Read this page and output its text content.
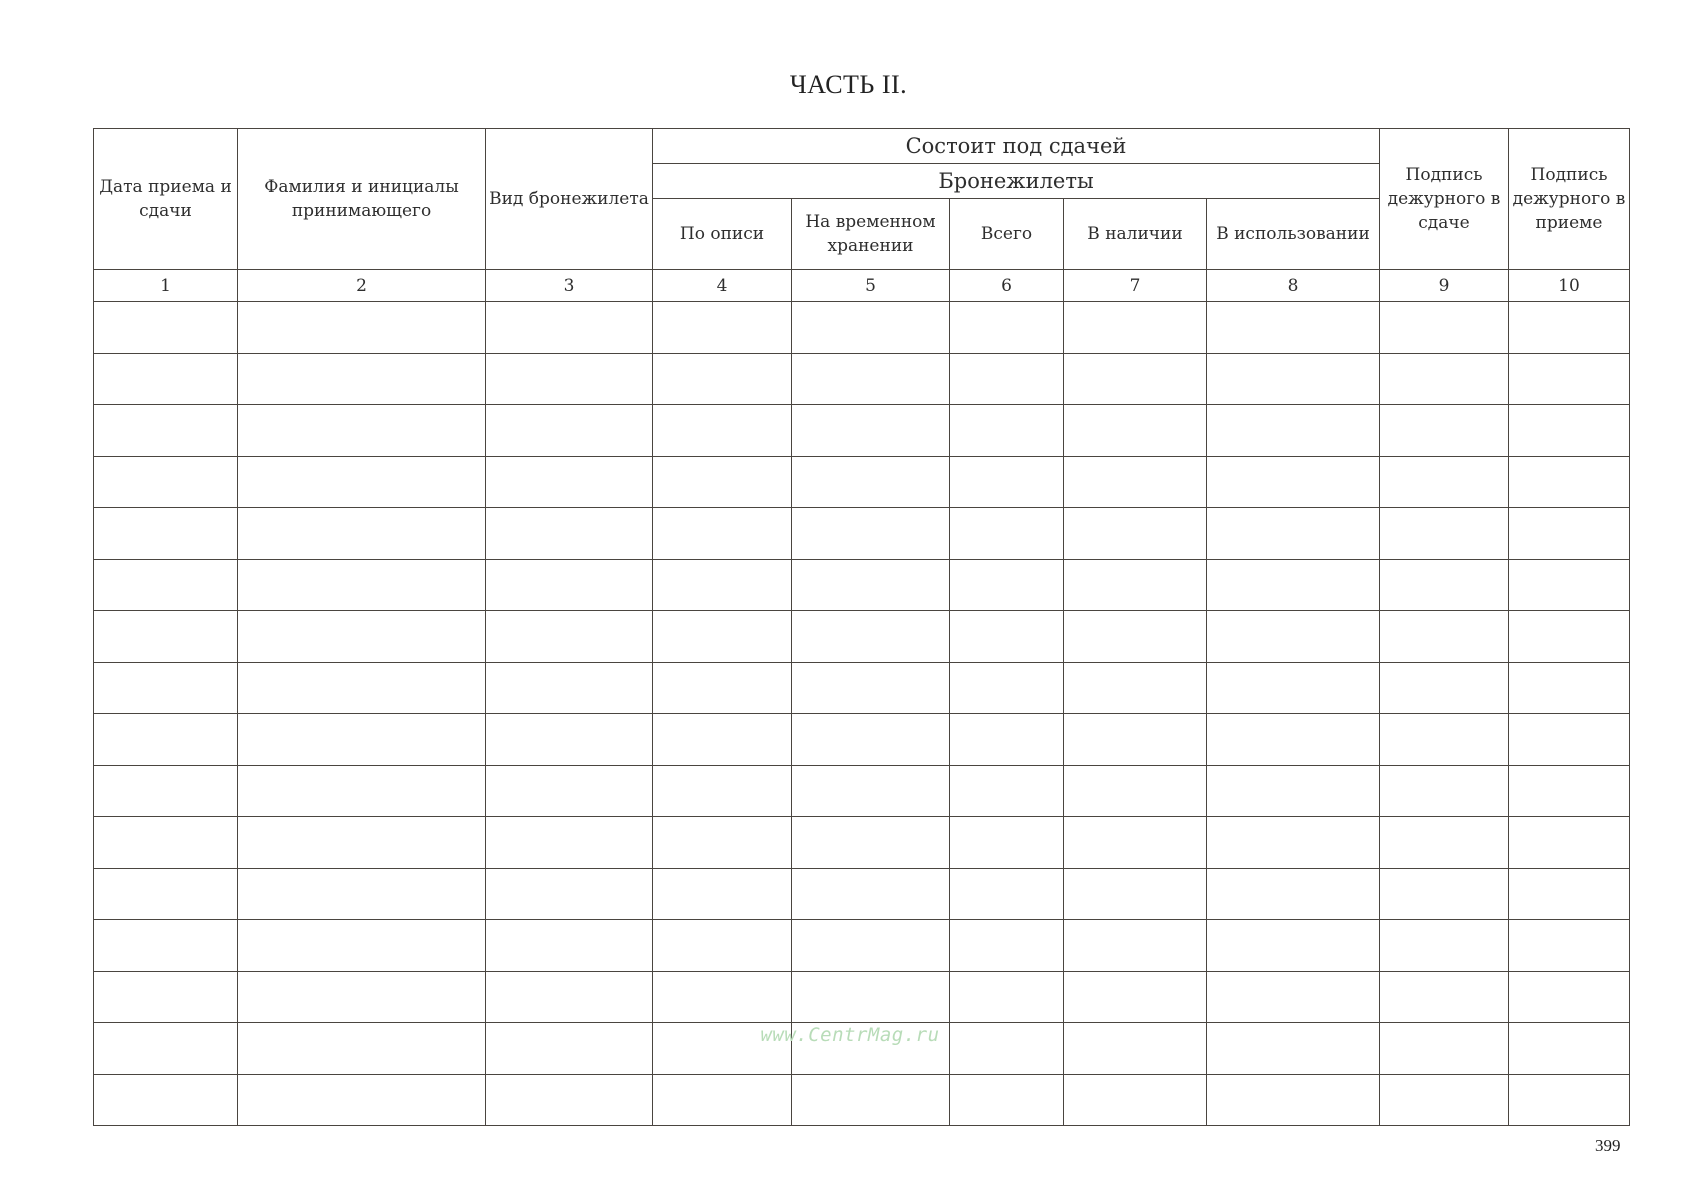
ЧАСТЬ II.
Дата приема и сдачи	Фамилия и инициалы принимающего	Вид бронежилета	Состоит под сдачей					Подпись дежурного в сдаче	Подпись дежурного в приеме
			Бронежилеты						
			По описи	На временном хранении	Всего	В наличии	В использовании		
1	2	3	4	5	6	7	8	9	10

www.CentrMag.ru
399
